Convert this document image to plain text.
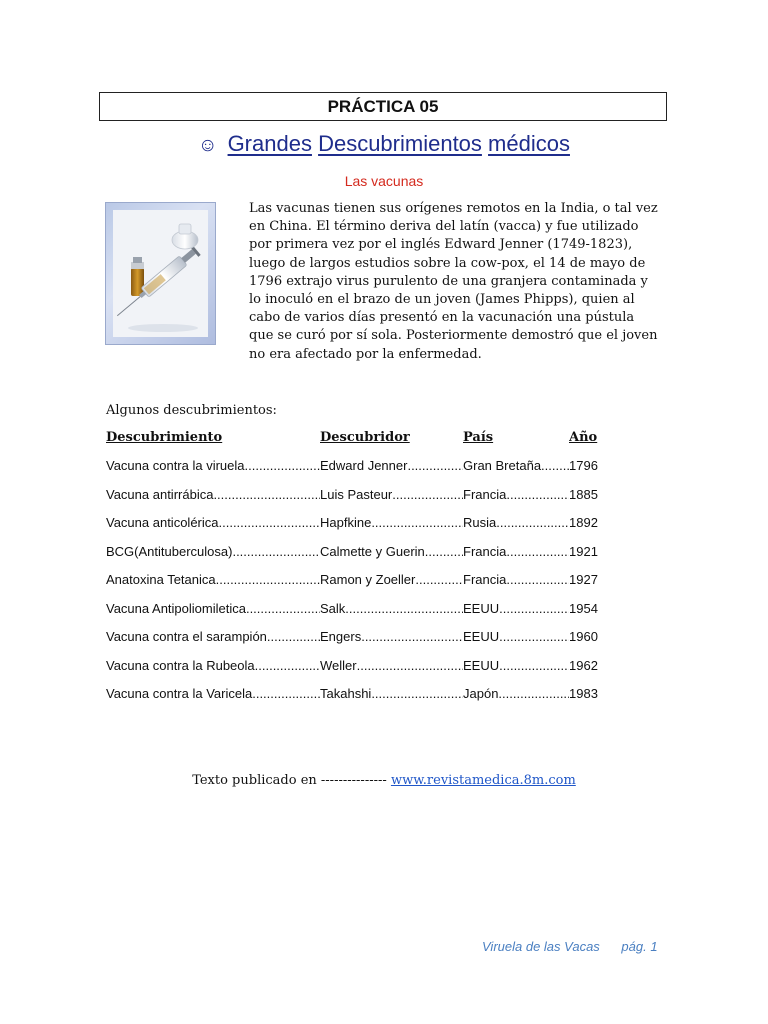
PRÁCTICA 05
☺ Grandes Descubrimientos médicos
Las vacunas
Las vacunas tienen sus orígenes remotos en la India, o tal vez
en China. El término deriva del latín (vacca) y fue utilizado
por primera vez por el inglés Edward Jenner (1749-1823),
luego de largos estudios sobre la cow-pox, el 14 de mayo de
1796 extrajo virus purulento de una granjera contaminada y
lo inoculó en el brazo de un joven (James Phipps), quien al
cabo de varios días presentó en la vacunación una pústula
que se curó por sí sola. Posteriormente demostró que el joven
no era afectado por la enfermedad.
Algunos descubrimientos:
Descubrimiento	Descubridor	País	Año
Vacuna contra la viruela .....	Edward Jenner .....	Gran Bretaña ..... 1796
Vacuna antirrábica .....	Luis Pasteur .....	Francia .....	1885
Vacuna anticolérica .....	Hapfkine .....	Rusia .....	1892
BCG(Antituberculosa) .....	Calmette y Guerin .....	Francia .....	1921
Anatoxina Tetanica .....	Ramon y Zoeller .....	Francia .....	1927
Vacuna Antipoliomiletica .....	Salk .....	EEUU .....	1954
Vacuna contra el sarampión .....	Engers .....	EEUU .....	1960
Vacuna contra la Rubeola .....	Weller .....	EEUU .....	1962
Vacuna contra la Varicela .....	Takahshi .....	Japón .....	1983
Texto publicado en --------------- www.revistamedica.8m.com
Viruela de las Vacas pág. 1
